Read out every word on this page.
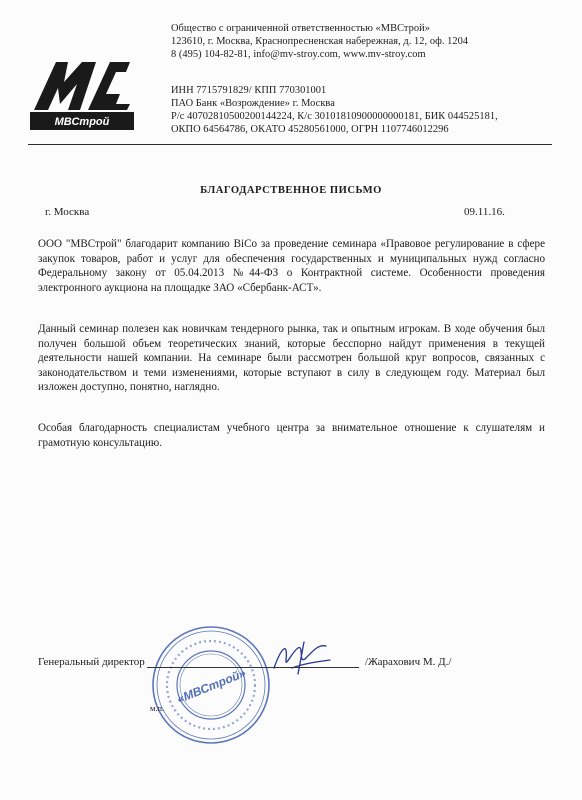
МВСтрой
Общество с ограниченной ответственностью «МВСтрой»
123610, г. Москва, Краснопресненская набережная, д. 12, оф. 1204
8 (495) 104-82-81, info@mv-stroy.com, www.mv-stroy.com
ИНН 7715791829/ КПП 770301001
ПАО Банк «Возрождение» г. Москва
Р/с 40702810500200144224, К/с 30101810900000000181, БИК 044525181,
ОКПО 64564786, ОКАТО 45280561000, ОГРН 1107746012296
БЛАГОДАРСТВЕННОЕ ПИСЬМО
г. Москва	09.11.16.
ООО "МВСтрой" благодарит компанию BiCo за проведение семинара «Правовое регулирование в сфере закупок товаров, работ и услуг для обеспечения государственных и муниципальных нужд согласно Федеральному закону от 05.04.2013 №44-ФЗ о Контрактной системе. Особенности проведения электронного аукциона на площадке ЗАО «Сбербанк-АСТ».
Данный семинар полезен как новичкам тендерного рынка, так и опытным игрокам. В ходе обучения был получен большой объем теоретических знаний, которые бесспорно найдут применения в текущей деятельности нашей компании. На семинаре были рассмотрен большой круг вопросов, связанных с законодательством и теми изменениями, которые вступают в силу в следующем году. Материал был изложен доступно, понятно, наглядно.
Особая благодарность специалистам учебного центра за внимательное отношение к слушателям и грамотную консультацию.
«МВСтрой»
Генеральный директор	/Жарахович М. Д./
м.п.
